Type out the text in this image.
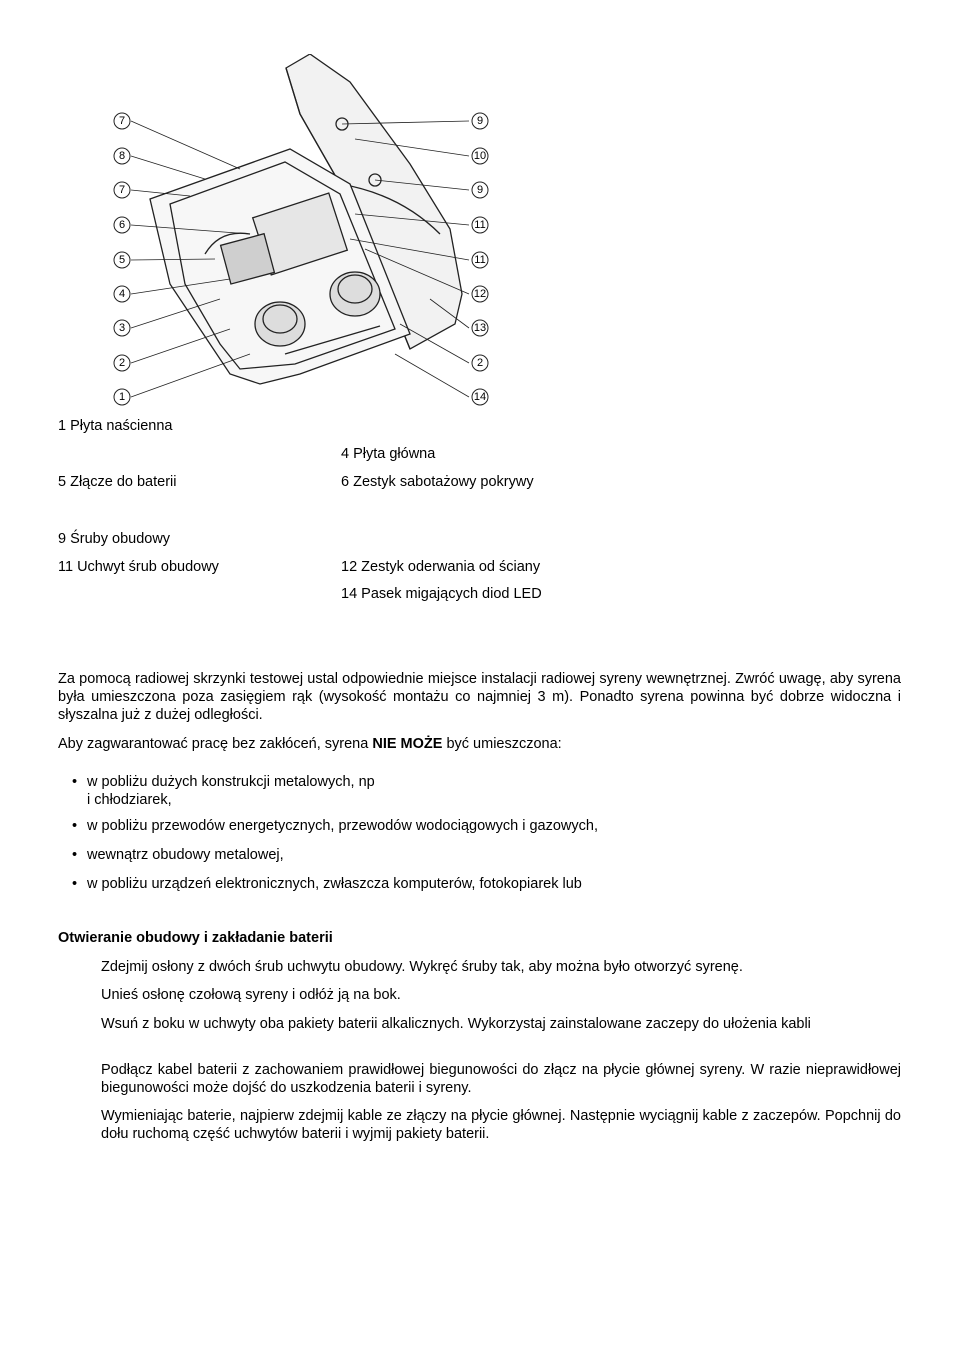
7
8
7
6
5
4
3
2
1
9
10
9
11
11
12
13
2
14
1 Płyta naścienna
4 Płyta główna
5 Złącze do baterii	6 Zestyk sabotażowy pokrywy
9 Śruby obudowy
11 Uchwyt śrub obudowy	12 Zestyk oderwania od ściany
14 Pasek migających diod LED
Za pomocą radiowej skrzynki testowej ustal odpowiednie miejsce instalacji radiowej syreny wewnętrznej. Zwróć uwagę, aby syrena była umieszczona poza zasięgiem rąk (wysokość montażu co najmniej 3 m). Ponadto syrena powinna być dobrze widoczna i słyszalna już z dużej odległości.
Aby zagwarantować pracę bez zakłóceń, syrena NIE MOŻE być umieszczona:
• w pobliżu dużych konstrukcji metalowych, np
i chłodziarek,
• w pobliżu przewodów energetycznych, przewodów wodociągowych i gazowych,
• wewnątrz obudowy metalowej,
• w pobliżu urządzeń elektronicznych, zwłaszcza komputerów, fotokopiarek lub
Otwieranie obudowy i zakładanie baterii
Zdejmij osłony z dwóch śrub uchwytu obudowy. Wykręć śruby tak, aby można było otworzyć syrenę.
Unieś osłonę czołową syreny i odłóż ją na bok.
Wsuń z boku w uchwyty oba pakiety baterii alkalicznych. Wykorzystaj zainstalowane zaczepy do ułożenia kabli
Podłącz kabel baterii z zachowaniem prawidłowej biegunowości do złącz na płycie głównej syreny. W razie nieprawidłowej biegunowości może dojść do uszkodzenia baterii i syreny.
Wymieniając baterie, najpierw zdejmij kable ze złączy na płycie głównej. Następnie wyciągnij kable z zaczepów. Popchnij do dołu ruchomą część uchwytów baterii i wyjmij pakiety baterii.
